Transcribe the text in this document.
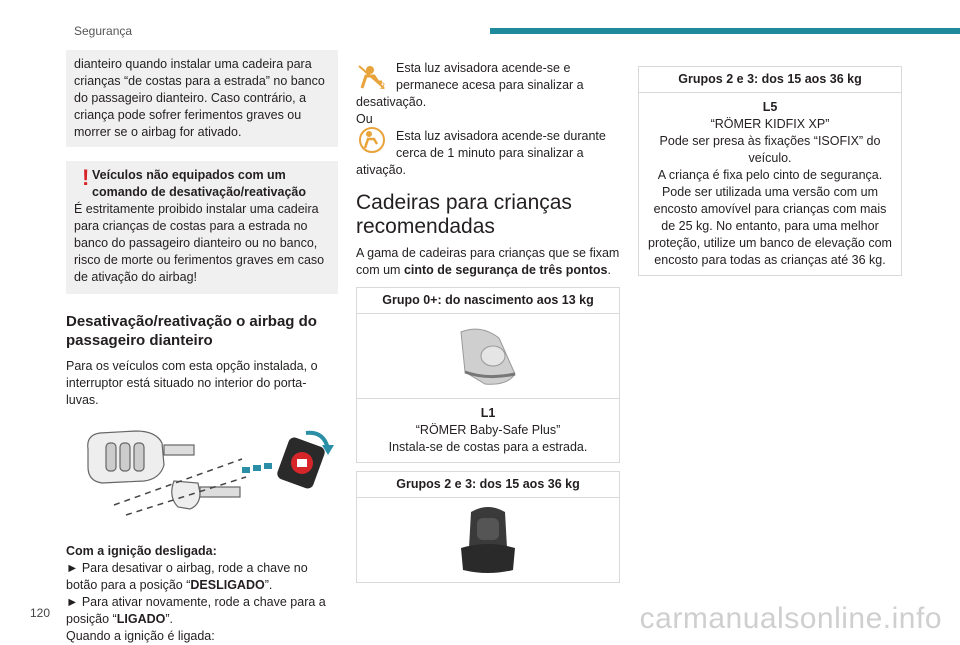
Segurança
dianteiro quando instalar uma cadeira para crianças “de costas para a estrada” no banco do passageiro dianteiro. Caso contrário, a criança pode sofrer ferimentos graves ou morrer se o airbag for ativado.
! Veículos não equipados com um comando de desativação/reativação
É estritamente proibido instalar uma cadeira para crianças de costas para a estrada no banco do passageiro dianteiro ou no banco, risco de morte ou ferimentos graves em caso de ativação do airbag!
Desativação/reativação o airbag do passageiro dianteiro
Para os veículos com esta opção instalada, o interruptor está situado no interior do porta-luvas.
Com a ignição desligada:
► Para desativar o airbag, rode a chave no botão para a posição “DESLIGADO”.
► Para ativar novamente, rode a chave para a posição “LIGADO”.
Quando a ignição é ligada:
2
Esta luz avisadora acende-se e
permanece acesa para sinalizar a
desativação.
Ou
Esta luz avisadora acende-se durante
cerca de 1 minuto para sinalizar a
ativação.
Cadeiras para crianças recomendadas
A gama de cadeiras para crianças que se fixam com um cinto de segurança de três pontos.
Grupo 0+: do nascimento aos 13 kg
L1
“RÖMER Baby-Safe Plus”
Instala-se de costas para a estrada.
Grupos 2 e 3: dos 15 aos 36 kg
Grupos 2 e 3: dos 15 aos 36 kg
L5
“RÖMER KIDFIX XP”
Pode ser presa às fixações “ISOFIX” do veículo.
A criança é fixa pelo cinto de segurança.
Pode ser utilizada uma versão com um encosto amovível para crianças com mais de 25 kg. No entanto, para uma melhor proteção, utilize um banco de elevação com encosto para todas as crianças até 36 kg.
120	carmanualsonline.info
